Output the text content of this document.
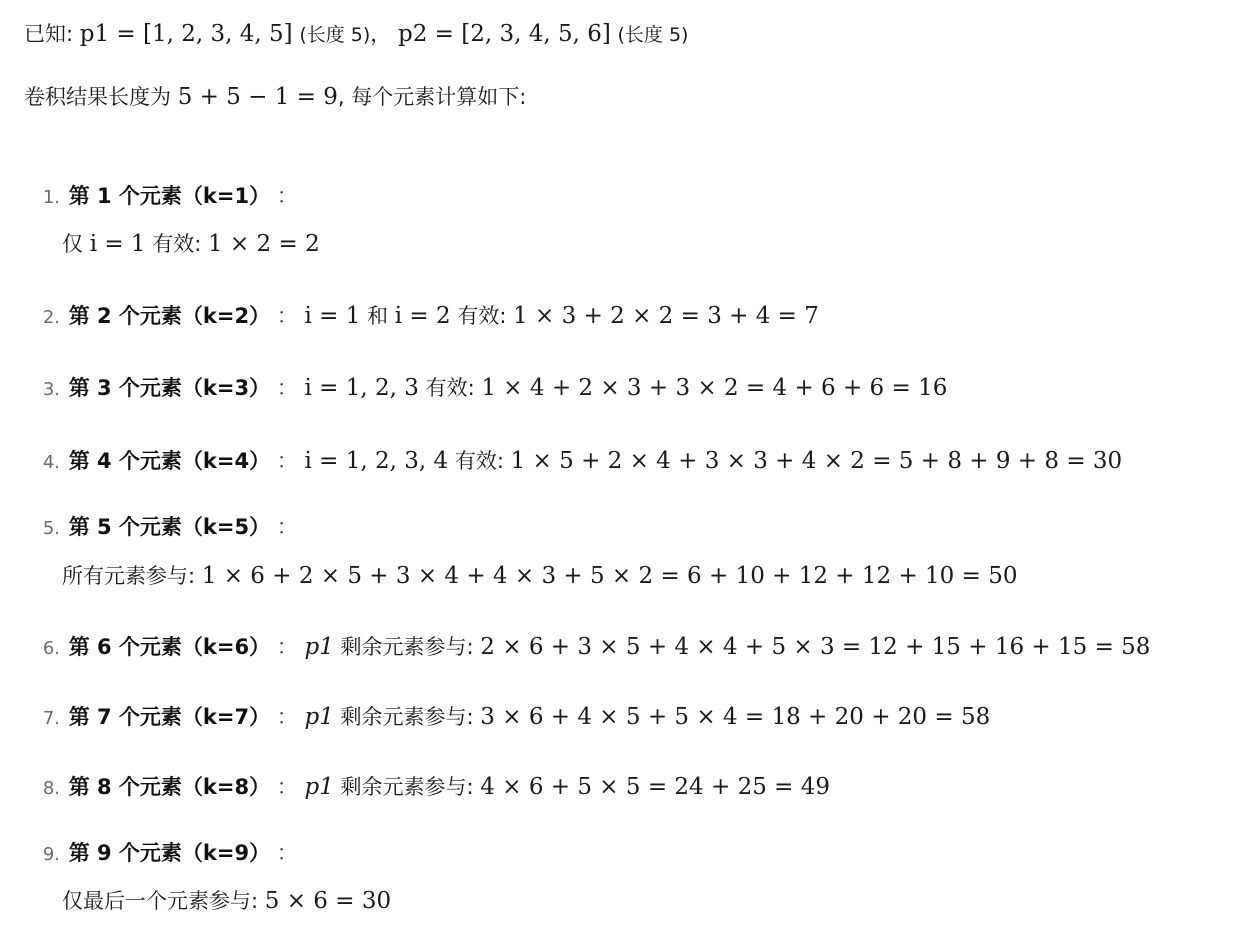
已知: p1 = [1, 2, 3, 4, 5] (长度 5)， p2 = [2, 3, 4, 5, 6] (长度 5)
卷积结果长度为 5 + 5 − 1 = 9, 每个元素计算如下:
1. 第 1 个元素（k=1） ：
仅 i = 1 有效: 1 × 2 = 2
2. 第 2 个元素（k=2） ： i = 1 和 i = 2 有效: 1 × 3 + 2 × 2 = 3 + 4 = 7
3. 第 3 个元素（k=3） ： i = 1, 2, 3 有效: 1 × 4 + 2 × 3 + 3 × 2 = 4 + 6 + 6 = 16
4. 第 4 个元素（k=4） ： i = 1, 2, 3, 4 有效: 1 × 5 + 2 × 4 + 3 × 3 + 4 × 2 = 5 + 8 + 9 + 8 = 30
5. 第 5 个元素（k=5） ：
所有元素参与: 1 × 6 + 2 × 5 + 3 × 4 + 4 × 3 + 5 × 2 = 6 + 10 + 12 + 12 + 10 = 50
6. 第 6 个元素（k=6） ： p1 剩余元素参与: 2 × 6 + 3 × 5 + 4 × 4 + 5 × 3 = 12 + 15 + 16 + 15 = 58
7. 第 7 个元素（k=7） ： p1 剩余元素参与: 3 × 6 + 4 × 5 + 5 × 4 = 18 + 20 + 20 = 58
8. 第 8 个元素（k=8） ： p1 剩余元素参与: 4 × 6 + 5 × 5 = 24 + 25 = 49
9. 第 9 个元素（k=9） ：
仅最后一个元素参与: 5 × 6 = 30
